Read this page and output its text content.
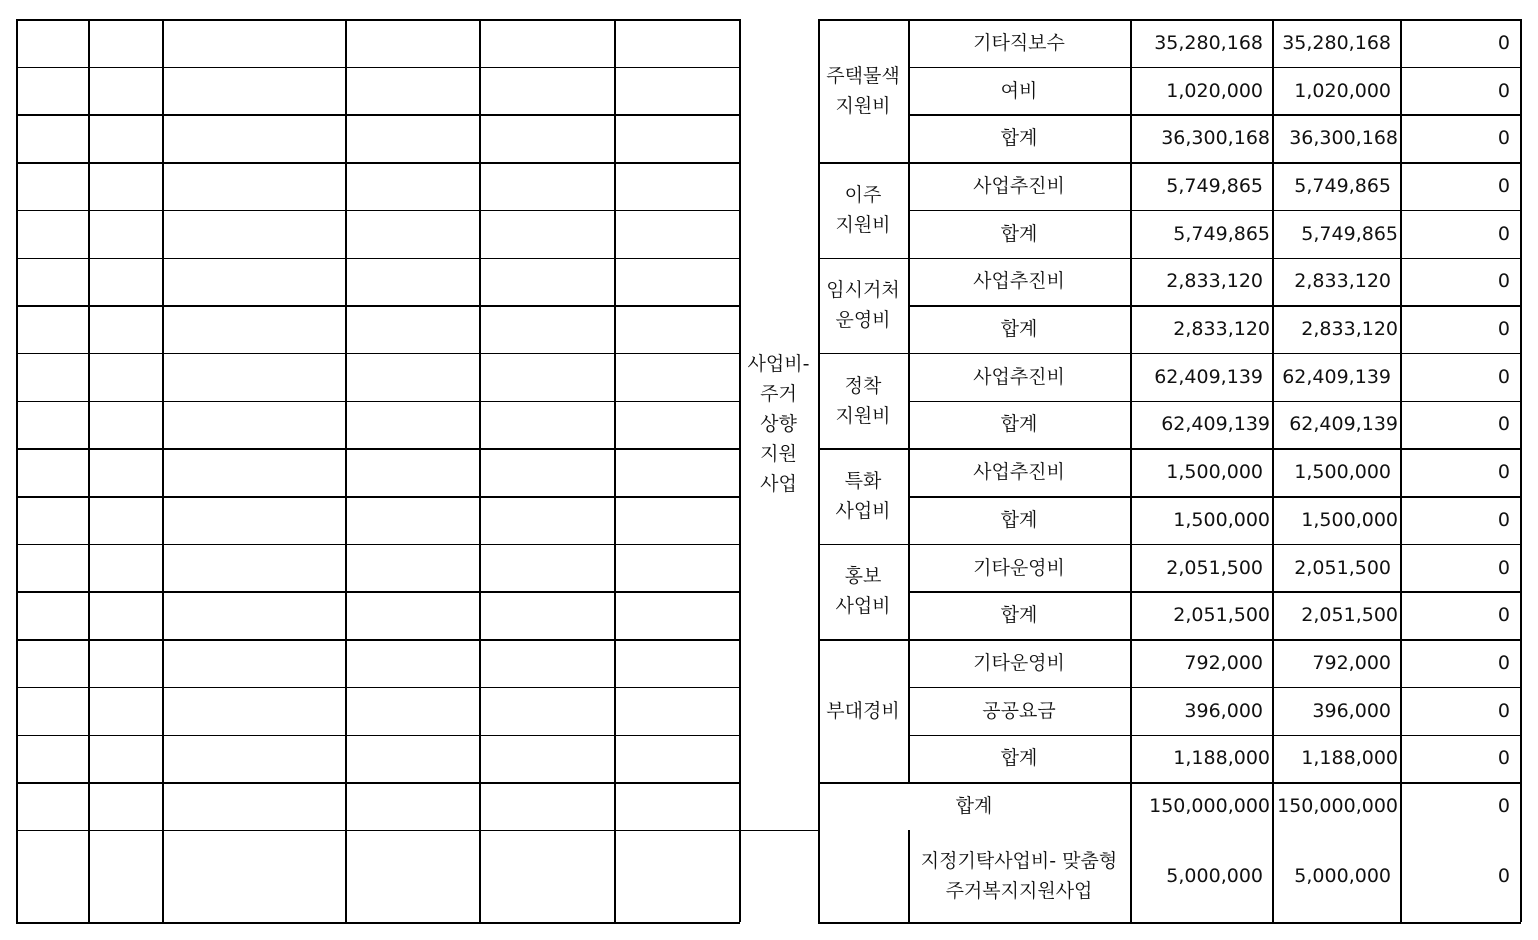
사업비-
주거
상향
지원
사업
주택물색
지원비
기타직보수	35,280,168 35,280,168	0
여비	1,020,000 1,020,000	0
합계	36,300,168 36,300,168	0
이주
지원비
사업추진비	5,749,865 5,749,865	0
합계	5,749,865 5,749,865	0
임시거처
운영비
사업추진비	2,833,120 2,833,120	0
합계	2,833,120 2,833,120	0
정착
지원비
사업추진비	62,409,139 62,409,139	0
합계	62,409,139 62,409,139	0
특화
사업비
사업추진비	1,500,000 1,500,000	0
합계	1,500,000 1,500,000	0
홍보
사업비
기타운영비	2,051,500 2,051,500	0
합계	2,051,500 2,051,500	0
부대경비
기타운영비	792,000	792,000	0
공공요금	396,000	396,000	0
합계	1,188,000 1,188,000	0
합계	150,000,000 150,000,000	0
지정기탁사업비- 맞춤형
주거복지지원사업
5,000,000 5,000,000	0
